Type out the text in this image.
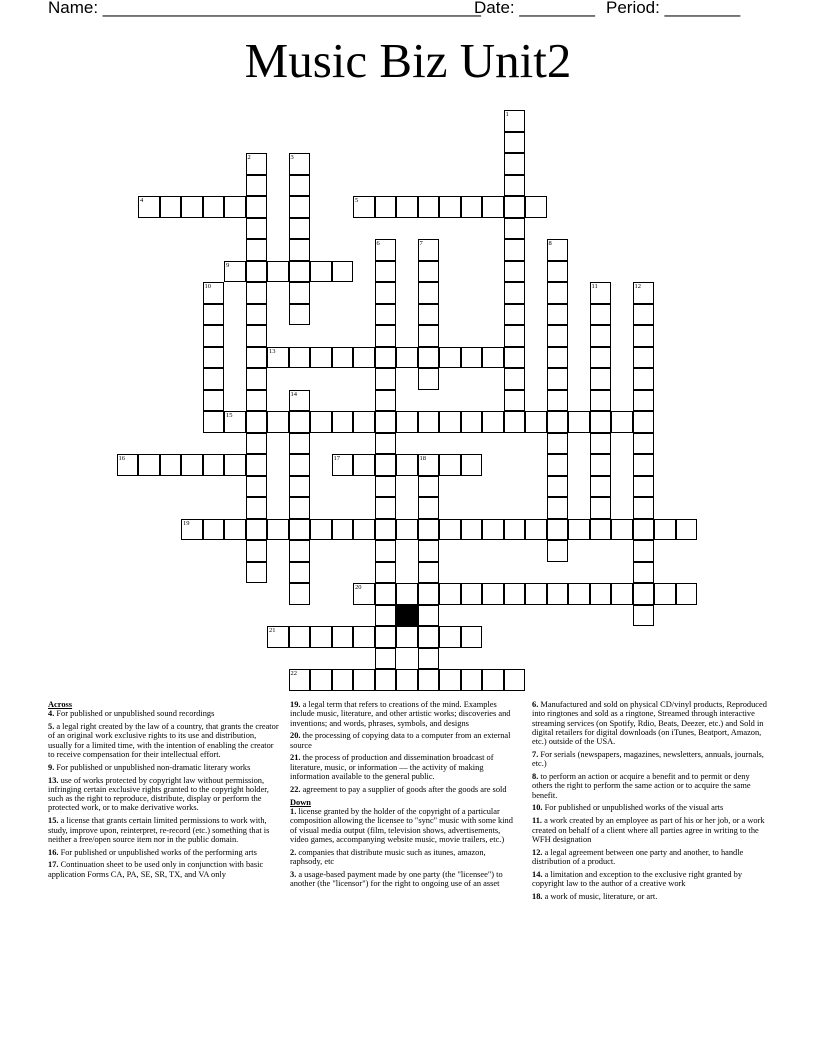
Name: ________________________________________
Date: ________ Period: ________
Music Biz Unit2
4	5
9
13
15
16	17	18
19
20
21
22
1
2	3
6	7	8
10	11	12
14
Across
4. For published or unpublished sound recordings
5. a legal right created by the law of a country, that grants the creator of an original work exclusive rights to its use and distribution, usually for a limited time, with the intention of enabling the creator to receive compensation for their intellectual effort.
9. For published or unpublished non-dramatic literary works
13. use of works protected by copyright law without permission, infringing certain exclusive rights granted to the copyright holder, such as the right to reproduce, distribute, display or perform the protected work, or to make derivative works.
15. a license that grants certain limited permissions to work with, study, improve upon, reinterpret, re-record (etc.) something that is neither a free/open source item nor in the public domain.
16. For published or unpublished works of the performing arts
17. Continuation sheet to be used only in conjunction with basic application Forms CA, PA, SE, SR, TX, and VA only
19. a legal term that refers to creations of the mind. Examples include music, literature, and other artistic works; discoveries and inventions; and words, phrases, symbols, and designs
20. the processing of copying data to a computer from an external source
21. the process of production and dissemination broadcast of literature, music, or information — the activity of making information available to the general public.
22. agreement to pay a supplier of goods after the goods are sold
Down
1. license granted by the holder of the copyright of a particular composition allowing the licensee to "sync" music with some kind of visual media output (film, television shows, advertisements, video games, accompanying website music, movie trailers, etc.)
2. companies that distribute music such as itunes, amazon, raphsody, etc
3. a usage-based payment made by one party (the "licensee") to another (the "licensor") for the right to ongoing use of an asset
6. Manufactured and sold on physical CD/vinyl products, Reproduced into ringtones and sold as a ringtone, Streamed through interactive streaming services (on Spotify, Rdio, Beats, Deezer, etc.) and Sold in digital retailers for digital downloads (on iTunes, Beatport, Amazon, etc.) outside of the USA.
7. For serials (newspapers, magazines, newsletters, annuals, journals, etc.)
8. to perform an action or acquire a benefit and to permit or deny others the right to perform the same action or to acquire the same benefit.
10. For published or unpublished works of the visual arts
11. a work created by an employee as part of his or her job, or a work created on behalf of a client where all parties agree in writing to the WFH designation
12. a legal agreement between one party and another, to handle distribution of a product.
14. a limitation and exception to the exclusive right granted by copyright law to the author of a creative work
18. a work of music, literature, or art.
